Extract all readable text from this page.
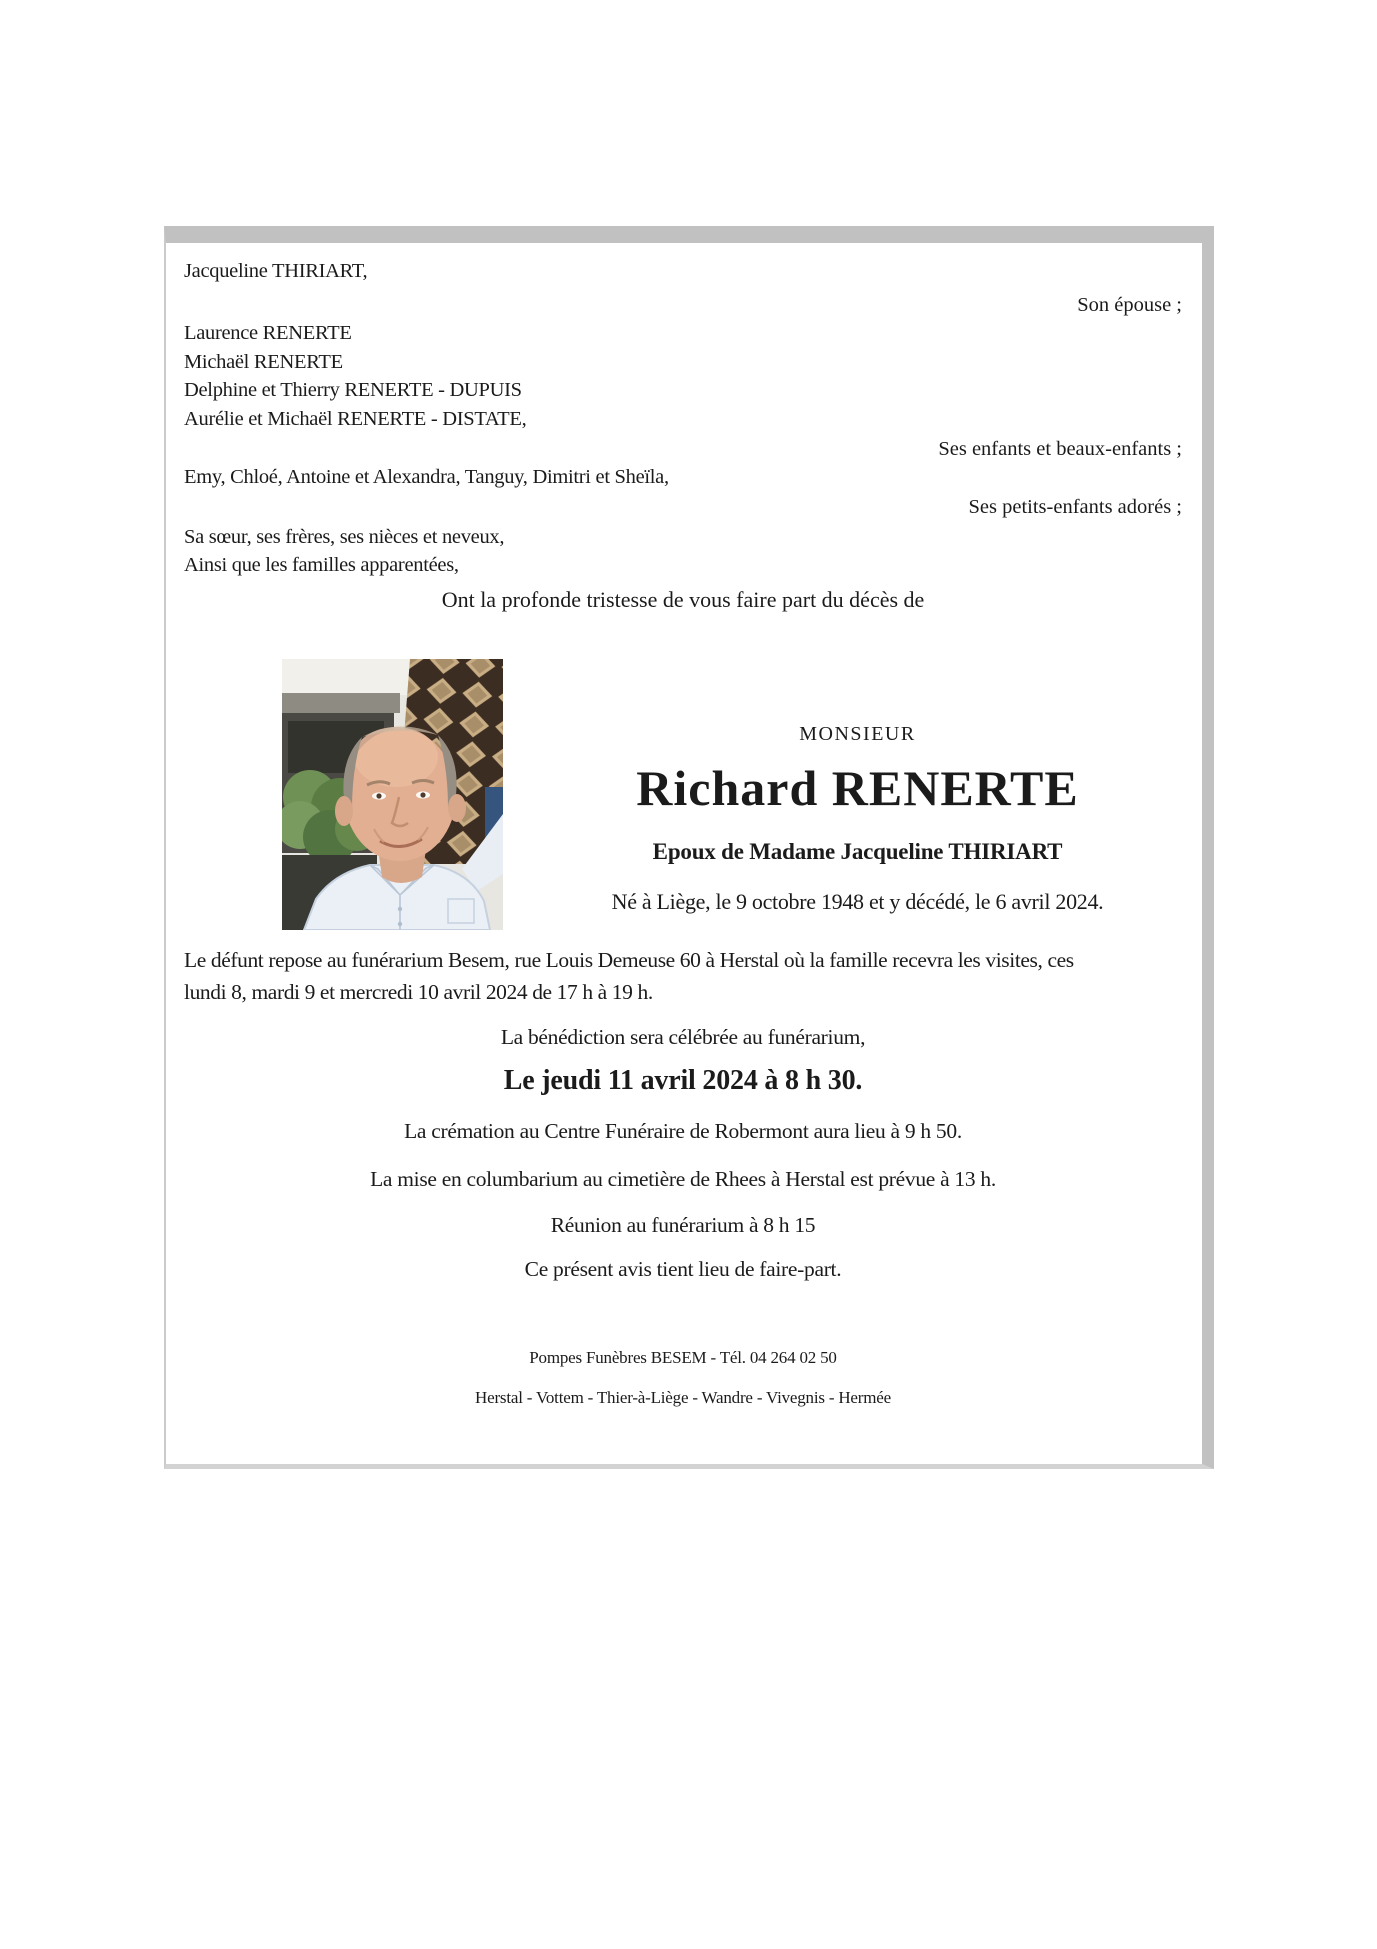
Jacqueline THIRIART,

Son épouse ;

Laurence RENERTE

Michaël RENERTE

Delphine et Thierry RENERTE - DUPUIS

Aurélie et Michaël RENERTE - DISTATE,

Ses enfants et beaux-enfants ;

Emy, Chloé, Antoine et Alexandra, Tanguy, Dimitri et Sheïla,

Ses petits-enfants adorés ;

Sa sœur, ses frères, ses nièces et neveux,

Ainsi que les familles apparentées,

Ont la profonde tristesse de vous faire part du décès de

MONSIEUR

Richard RENERTE

Epoux de Madame Jacqueline THIRIART

Né à Liège, le 9 octobre 1948 et y décédé, le 6 avril 2024.

Le défunt repose au funérarium Besem, rue Louis Demeuse 60 à Herstal où la famille recevra les visites, ces lundi 8, mardi 9 et mercredi 10 avril 2024 de 17 h à 19 h.

La bénédiction sera célébrée au funérarium,

Le jeudi 11 avril 2024 à 8 h 30.

La crémation au Centre Funéraire de Robermont aura lieu à 9 h 50.

La mise en columbarium au cimetière de Rhees à Herstal est prévue à 13 h.

Réunion au funérarium à 8 h 15

Ce présent avis tient lieu de faire-part.

Pompes Funèbres BESEM - Tél. 04 264 02 50

Herstal - Vottem - Thier-à-Liège - Wandre - Vivegnis - Hermée
